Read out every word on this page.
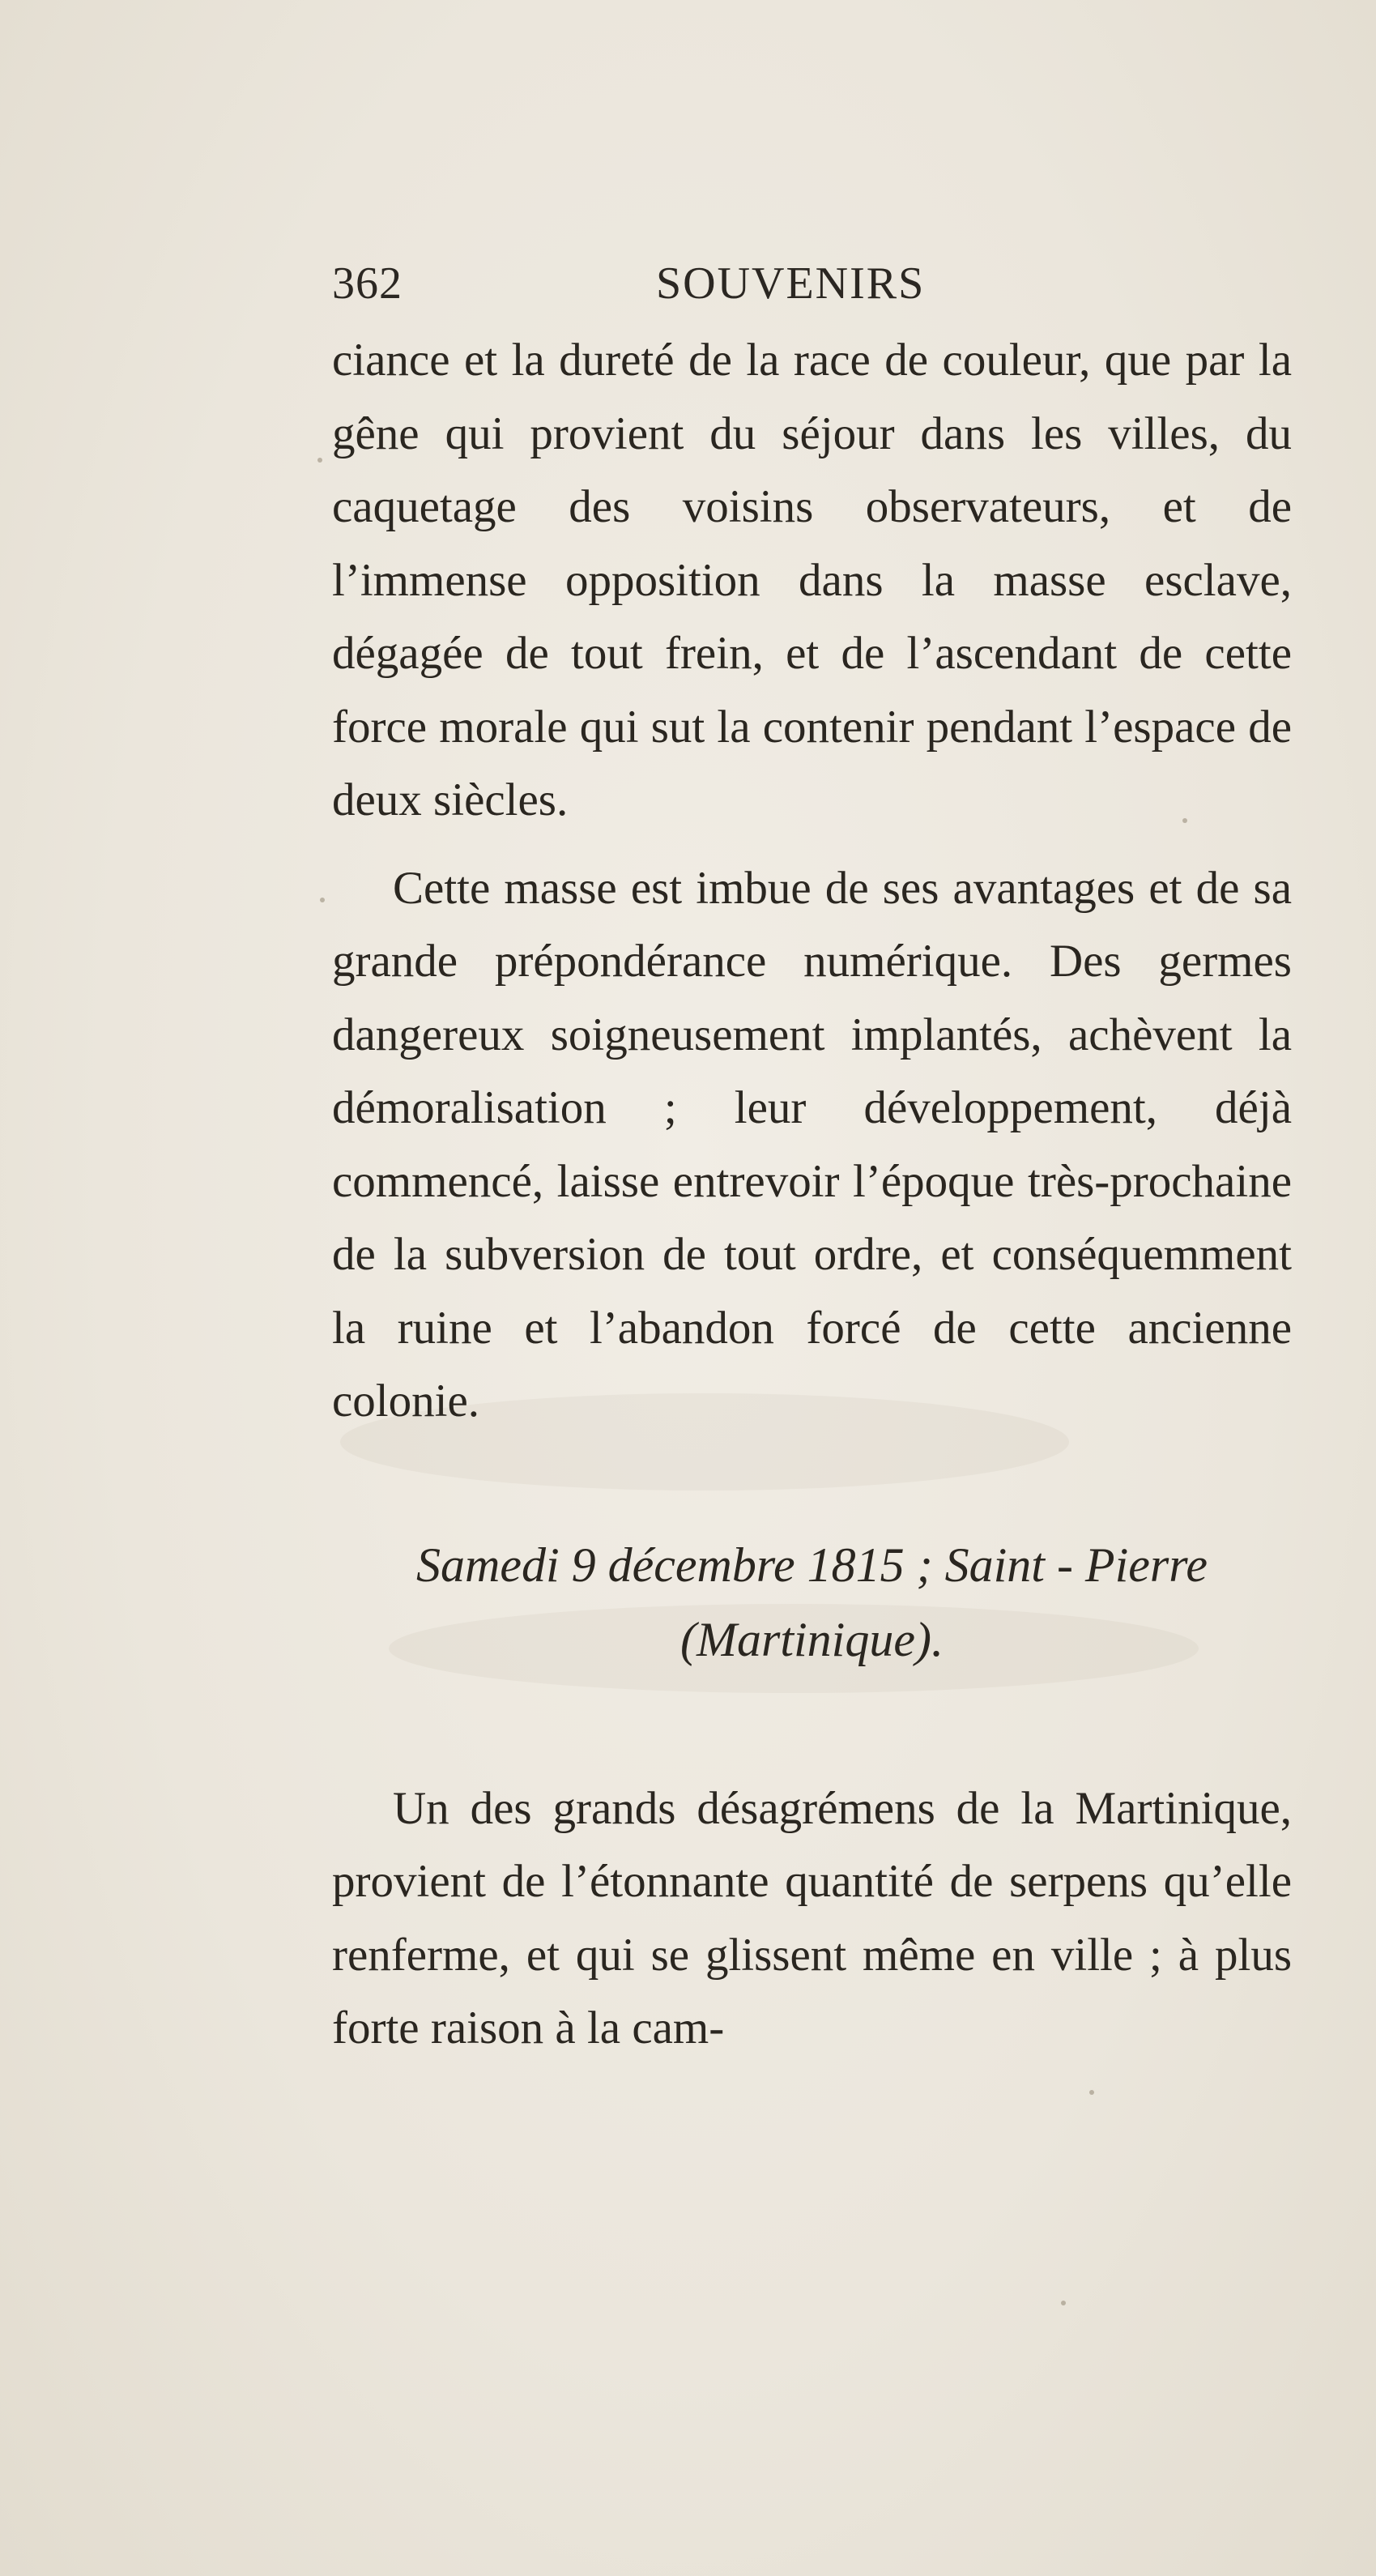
362	SOUVENIRS

ciance et la dureté de la race de couleur, que par la gêne qui provient du séjour dans les villes, du caquetage des voisins observateurs, et de l’immense opposition dans la masse esclave, dégagée de tout frein, et de l’ascendant de cette force morale qui sut la contenir pendant l’espace de deux siècles.

Cette masse est imbue de ses avantages et de sa grande prépondérance numérique. Des germes dangereux soigneusement implantés, achèvent la démoralisation ; leur développement, déjà commencé, laisse entrevoir l’époque très-prochaine de la subversion de tout ordre, et conséquemment la ruine et l’abandon forcé de cette ancienne colonie.

Samedi 9 décembre 1815 ; Saint - Pierre
(Martinique).

Un des grands désagrémens de la Martinique, provient de l’étonnante quantité de serpens qu’elle renferme, et qui se glissent même en ville ; à plus forte raison à la cam-
